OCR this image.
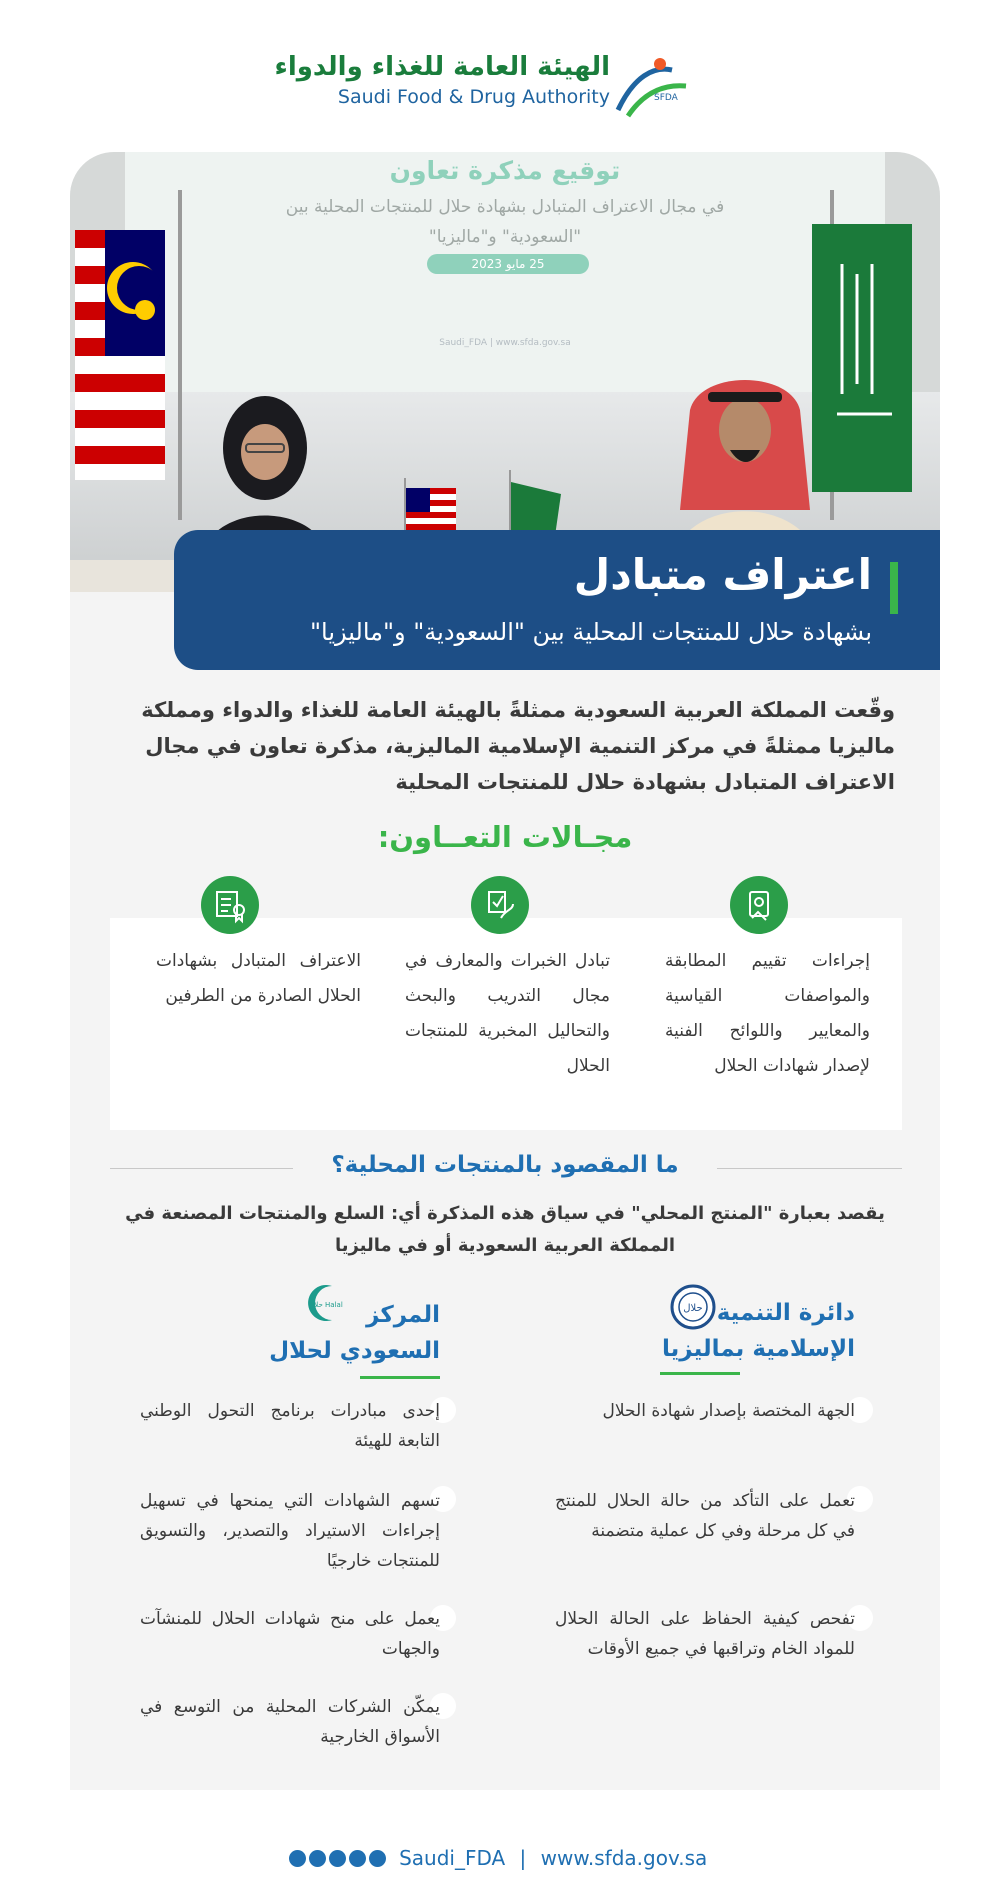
الهيئة العامة للغذاء والدواء
Saudi Food & Drug Authority	SFDA
توقيع مذكرة تعاون
في مجال الاعتراف المتبادل بشهادة حلال للمنتجات المحلية بين "السعودية" و"ماليزيا"
25 مايو 2023
Saudi_FDA | www.sfda.gov.sa
اعتراف متبادل
بشهادة حلال للمنتجات المحلية بين "السعودية" و"ماليزيا"
وقّعت المملكة العربية السعودية ممثلةً بالهيئة العامة للغذاء والدواء ومملكة ماليزيا ممثلةً في مركز التنمية الإسلامية الماليزية، مذكرة تعاون في مجال الاعتراف المتبادل بشهادة حلال للمنتجات المحلية
مجـالات التعــاون:
إجراءات تقييم المطابقة والمواصفات القياسية والمعايير واللوائح الفنية لإصدار شهادات الحلال
تبادل الخبرات والمعارف في مجال التدريب والبحث والتحاليل المخبرية للمنتجات الحلال
الاعتراف المتبادل بشهادات الحلال الصادرة من الطرفين
ما المقصود بالمنتجات المحلية؟
يقصد بعبارة "المنتج المحلي" في سياق هذه المذكرة أي: السلع والمنتجات المصنعة في المملكة العربية السعودية أو في ماليزيا
حلال دائرة التنمية
الإسلامية بماليزيا
الجهة المختصة بإصدار شهادة الحلال
تعمل على التأكد من حالة الحلال للمنتج في كل مرحلة وفي كل عملية متضمنة
تفحص كيفية الحفاظ على الحالة الحلال للمواد الخام وتراقبها في جميع الأوقات
حلال Halal المركز
السعودي لحلال
إحدى مبادرات برنامج التحول الوطني التابعة للهيئة
تسهم الشهادات التي يمنحها في تسهيل إجراءات الاستيراد والتصدير، والتسويق للمنتجات خارجيًا
يعمل على منح شهادات الحلال للمنشآت والجهات
يمكّن الشركات المحلية من التوسع في الأسواق الخارجية
Saudi_FDA | www.sfda.gov.sa
